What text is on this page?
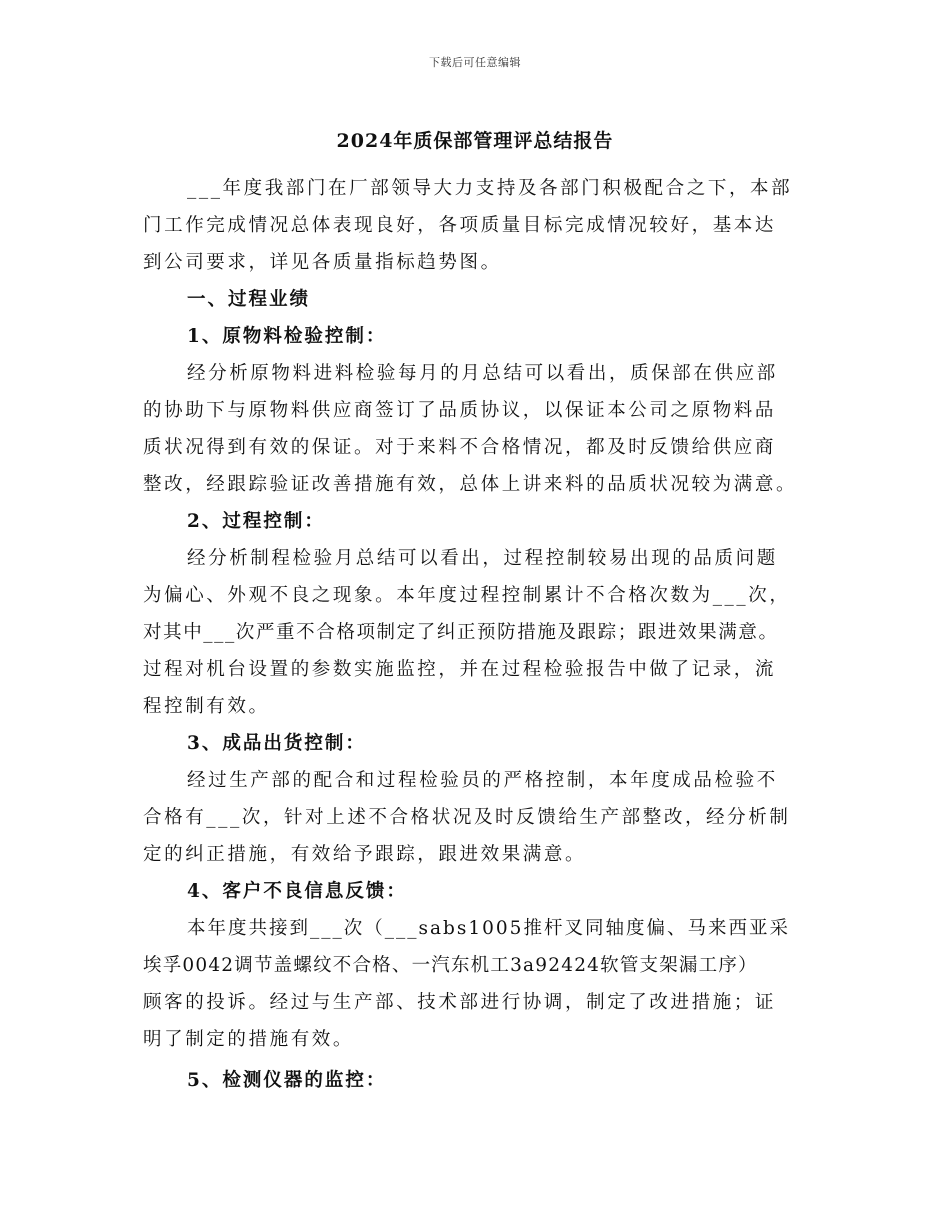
下载后可任意编辑
2024年质保部管理评总结报告
___年度我部门在厂部领导大力支持及各部门积极配合之下，本部
门工作完成情况总体表现良好，各项质量目标完成情况较好，基本达
到公司要求，详见各质量指标趋势图。
一、过程业绩
1、原物料检验控制：
经分析原物料进料检验每月的月总结可以看出，质保部在供应部
的协助下与原物料供应商签订了品质协议，以保证本公司之原物料品
质状况得到有效的保证。对于来料不合格情况，都及时反馈给供应商
整改，经跟踪验证改善措施有效，总体上讲来料的品质状况较为满意。
2、过程控制：
经分析制程检验月总结可以看出，过程控制较易出现的品质问题
为偏心、外观不良之现象。本年度过程控制累计不合格次数为___次，
对其中___次严重不合格项制定了纠正预防措施及跟踪；跟进效果满意。
过程对机台设置的参数实施监控，并在过程检验报告中做了记录，流
程控制有效。
3、成品出货控制：
经过生产部的配合和过程检验员的严格控制，本年度成品检验不
合格有___次，针对上述不合格状况及时反馈给生产部整改，经分析制
定的纠正措施，有效给予跟踪，跟进效果满意。
4、客户不良信息反馈：
本年度共接到___次（___sabs1005推杆叉同轴度偏、马来西亚采
埃孚0042调节盖螺纹不合格、一汽东机工3a92424软管支架漏工序）
顾客的投诉。经过与生产部、技术部进行协调，制定了改进措施；证
明了制定的措施有效。
5、检测仪器的监控：
